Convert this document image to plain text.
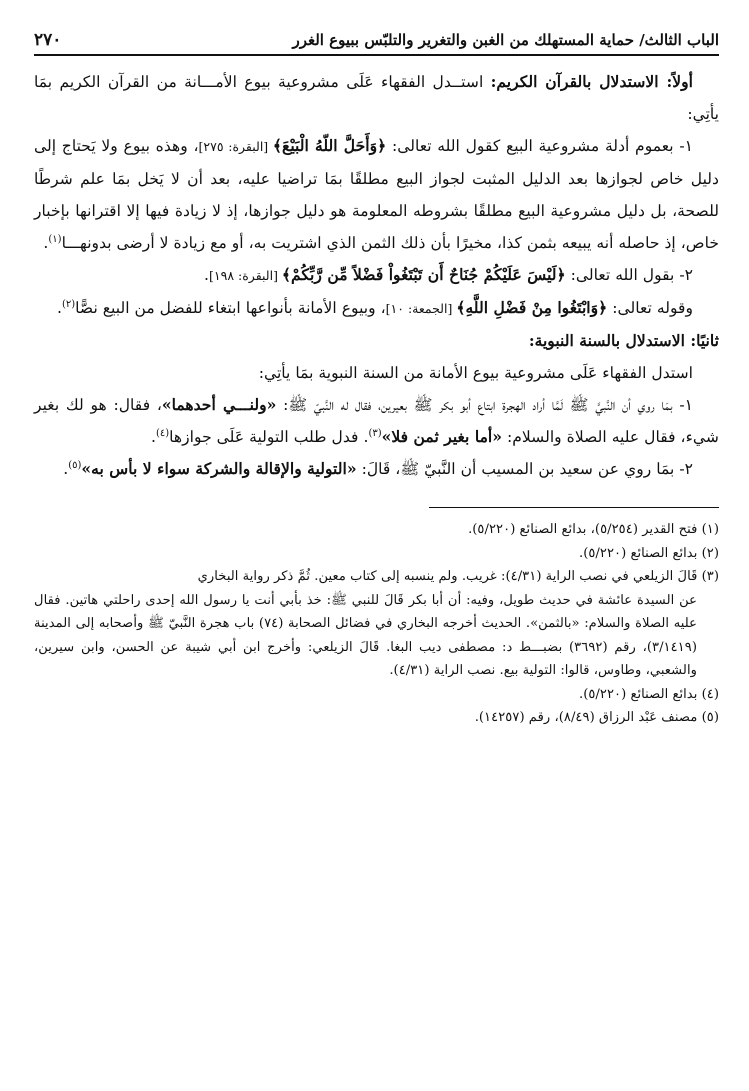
الباب الثالث/ حماية المستهلك من الغبن والتغرير والتلبّس ببيوع الغرر
٢٧٠

أولاً: الاستدلال بالقرآن الكريم: استــدل الفقهاء عَلَى مشروعية بيوع الأمـــانة من القرآن الكريم بمَا يأتِي:

١- بعموم أدلة مشروعية البيع كقول الله تعالى: ﴿وَأَحَلَّ اللّهُ الْبَيْعَ﴾ [البقرة: ٢٧٥]، وهذه بيوع ولا يَحتاج إلى دليل خاص لجوازها بعد الدليل المثبت لجواز البيع مطلقًا بمَا تراضيا عليه، بعد أن لا يَخل بمَا علم شرطًا للصحة، بل دليل مشروعية البيع مطلقًا بشروطه المعلومة هو دليل جوازها، إذ لا زيادة فيها إلا اقترانها بإخبار خاص، إذ حاصله أنه يبيعه بثمن كذا، مخيرًا بأن ذلك الثمن الذي اشتريت به، أو مع زيادة لا أرضى بدونهـــا$^{(١)}$.

٢- بقول الله تعالى: ﴿لَيْسَ عَلَيْكُمْ جُنَاحٌ أَن تَبْتَغُواْ فَضْلاً مِّن رَّبِّكُمْ﴾ [البقرة: ١٩٨].

وقوله تعالى: ﴿وَابْتَغُوا مِنْ فَضْلِ اللَّهِ﴾ [الجمعة: ١٠]، وبيوع الأمانة بأنواعها ابتغاء للفضل من البيع نصًّا$^{(٢)}$.

ثانيًا: الاستدلال بالسنة النبوية:

استدل الفقهاء عَلَى مشروعية بيوع الأمانة من السنة النبوية بمَا يأتِي:

١- بمَا روي أن النَّبيَّ ﷺ لَمَّا أراد الهجرة ابتاع أبو بكر ﷺ بعيرين، فقال له النَّبيّ ﷺ: «ولنـــي أحدهما»، فقال: هو لك بغير شيء، فقال عليه الصلاة والسلام: «أما بغير ثمن فلا»$^{(٣)}$. فدل طلب التولية عَلَى جوازها$^{(٤)}$.

٢- بمَا روي عن سعيد بن المسيب أن النَّبيّ ﷺ، قَالَ: «التولية والإقالة والشركة سواء لا بأس به»$^{(٥)}$.

(١) فتح القدير (٥/٢٥٤)، بدائع الصنائع (٥/٢٢٠).

(٢) بدائع الصنائع (٥/٢٢٠).

(٣) قَالَ الزيلعي في نصب الراية (٤/٣١): غريب. ولم ينسبه إلى كتاب معين. ثُمَّ ذكر رواية البخاري

عن السيدة عائشة في حديث طويل، وفيه: أن أبا بكر قَالَ للنبي ﷺ: خذ بأبي أنت يا رسول الله إحدى راحلتي هاتين. فقال عليه الصلاة والسلام: «بالثمن». الحديث أخرجه البخاري في فضائل الصحابة (٧٤) باب هجرة النَّبيّ ﷺ وأصحابه إلى المدينة (٣/١٤١٩)، رقم (٣٦٩٢) بضبـــط د: مصطفى ديب البغا. قَالَ الزيلعي: وأخرج ابن أبي شيبة عن الحسن، وابن سيرين، والشعبي، وطاوس، قالوا: التولية بيع. نصب الراية (٤/٣١).

(٤) بدائع الصنائع (٥/٢٢٠).

(٥) مصنف عَبْد الرزاق (٨/٤٩)، رقم (١٤٢٥٧).
